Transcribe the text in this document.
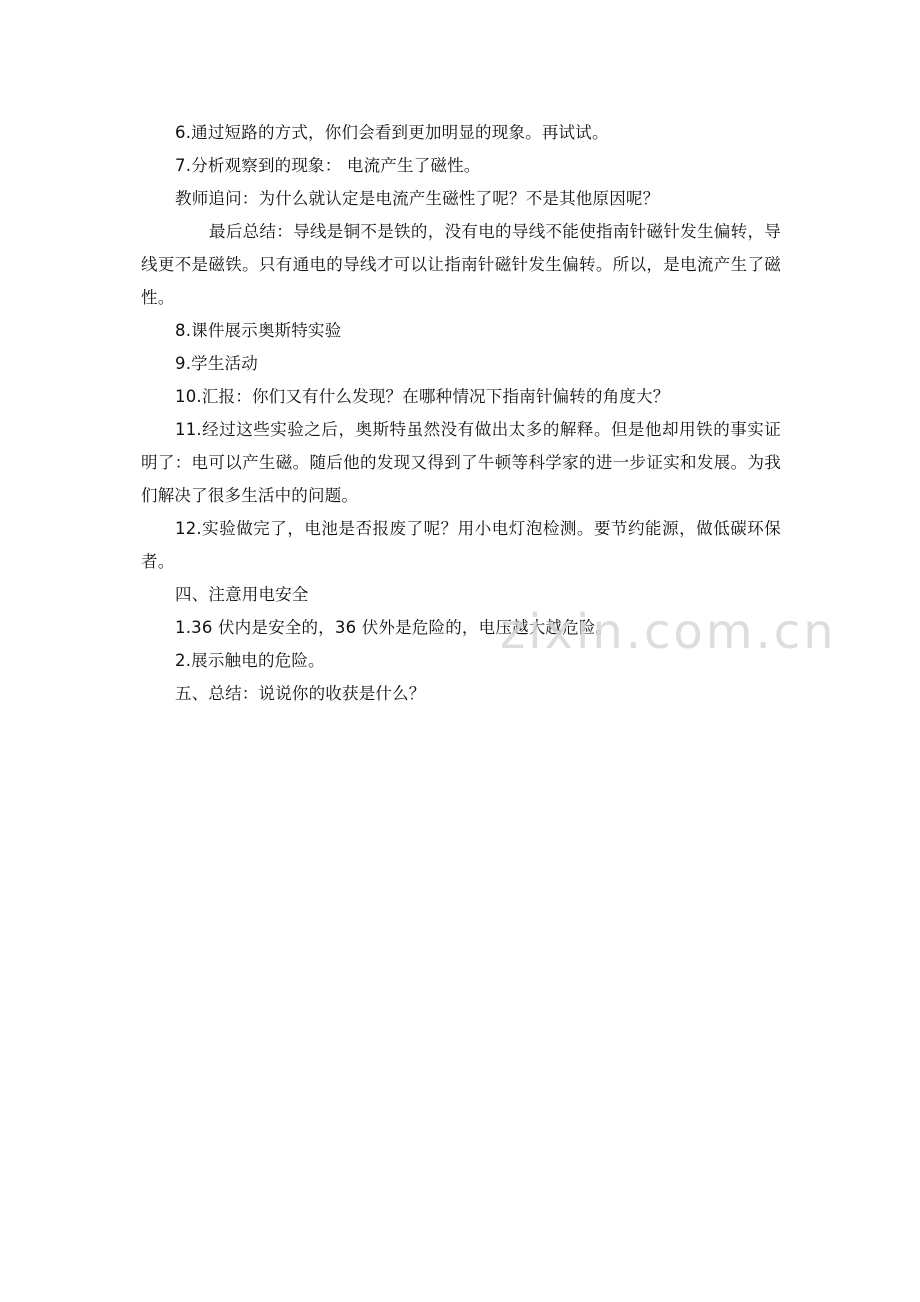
6.通过短路的方式，你们会看到更加明显的现象。再试试。

7.分析观察到的现象： 电流产生了磁性。

教师追问：为什么就认定是电流产生磁性了呢？不是其他原因呢？

最后总结：导线是铜不是铁的，没有电的导线不能使指南针磁针发生偏转，导线更不是磁铁。只有通电的导线才可以让指南针磁针发生偏转。所以，是电流产生了磁性。

8.课件展示奥斯特实验

9.学生活动

10.汇报：你们又有什么发现？在哪种情况下指南针偏转的角度大？

11.经过这些实验之后，奥斯特虽然没有做出太多的解释。但是他却用铁的事实证明了：电可以产生磁。随后他的发现又得到了牛顿等科学家的进一步证实和发展。为我们解决了很多生活中的问题。

12.实验做完了，电池是否报废了呢？用小电灯泡检测。要节约能源，做低碳环保者。

四、注意用电安全

1.36 伏内是安全的，36 伏外是危险的，电压越大越危险。

2.展示触电的危险。

五、总结：说说你的收获是什么？

zixin.com.cn
